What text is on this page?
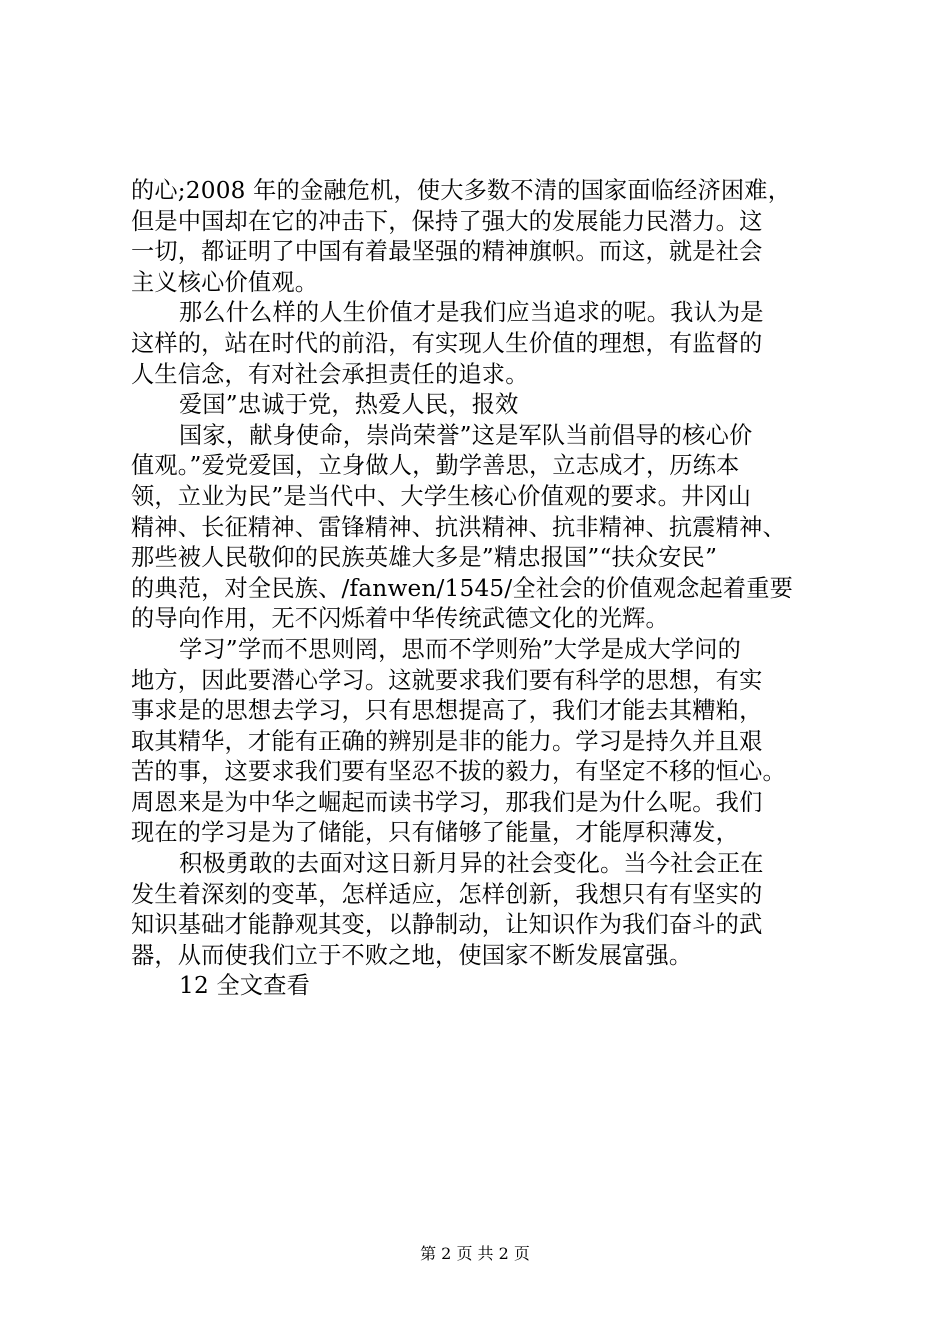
的心;2008 年的金融危机，使大多数不清的国家面临经济困难，
但是中国却在它的冲击下，保持了强大的发展能力民潜力。这
一切，都证明了中国有着最坚强的精神旗帜。而这，就是社会
主义核心价值观。
那么什么样的人生价值才是我们应当追求的呢。我认为是
这样的，站在时代的前沿，有实现人生价值的理想，有监督的
人生信念，有对社会承担责任的追求。
爱国”忠诚于党，热爱人民，报效
国家，献身使命，崇尚荣誉”这是军队当前倡导的核心价
值观。”爱党爱国，立身做人，勤学善思，立志成才，历练本
领，立业为民”是当代中、大学生核心价值观的要求。井冈山
精神、长征精神、雷锋精神、抗洪精神、抗非精神、抗震精神、
那些被人民敬仰的民族英雄大多是”精忠报国”“扶众安民”
的典范，对全民族、/fanwen/1545/全社会的价值观念起着重要
的导向作用，无不闪烁着中华传统武德文化的光辉。
学习”学而不思则罔，思而不学则殆”大学是成大学问的
地方，因此要潜心学习。这就要求我们要有科学的思想，有实
事求是的思想去学习，只有思想提高了，我们才能去其糟粕，
取其精华，才能有正确的辨别是非的能力。学习是持久并且艰
苦的事，这要求我们要有坚忍不拔的毅力，有坚定不移的恒心。
周恩来是为中华之崛起而读书学习，那我们是为什么呢。我们
现在的学习是为了储能，只有储够了能量，才能厚积薄发，
积极勇敢的去面对这日新月异的社会变化。当今社会正在
发生着深刻的变革，怎样适应，怎样创新，我想只有有坚实的
知识基础才能静观其变，以静制动，让知识作为我们奋斗的武
器，从而使我们立于不败之地，使国家不断发展富强。
12 全文查看
第 2 页 共 2 页
